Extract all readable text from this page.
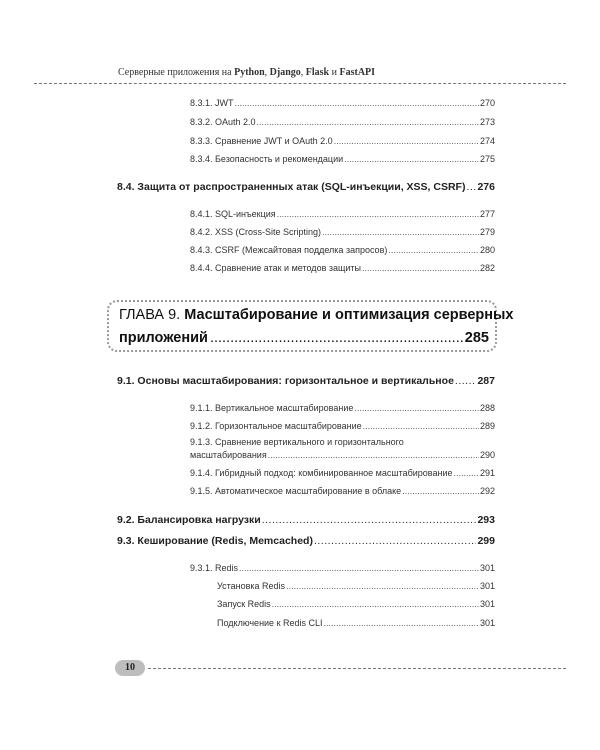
Серверные приложения на Python, Django, Flask и FastAPI
8.3.1. JWT .....	270
8.3.2. OAuth 2.0 .....	273
8.3.3. Сравнение JWT и OAuth 2.0 .....	274
8.3.4. Безопасность и рекомендации .....	275
8.4. Защита от распространенных атак (SQL-инъекции, XSS, CSRF) ..... 276
8.4.1. SQL-инъекция .....	277
8.4.2. XSS (Cross-Site Scripting) .....	279
8.4.3. CSRF (Межсайтовая подделка запросов) .....	280
8.4.4. Сравнение атак и методов защиты .....	282
ГЛАВА 9. Масштабирование и оптимизация серверных
приложений .....	285
9.1. Основы масштабирования: горизонтальное и вертикальное ..... 287
9.1.1. Вертикальное масштабирование .....	288
9.1.2. Горизонтальное масштабирование .....	289
9.1.3. Сравнение вертикального и горизонтального
масштабирования .....	290
9.1.4. Гибридный подход: комбинированное масштабирование .....	291
9.1.5. Автоматическое масштабирование в облаке .....	292
9.2. Балансировка нагрузки .....	293
9.3. Кеширование (Redis, Memcached) .....	299
9.3.1. Redis .....	301
Установка Redis .....	301
Запуск Redis .....	301
Подключение к Redis CLI .....	301
10
